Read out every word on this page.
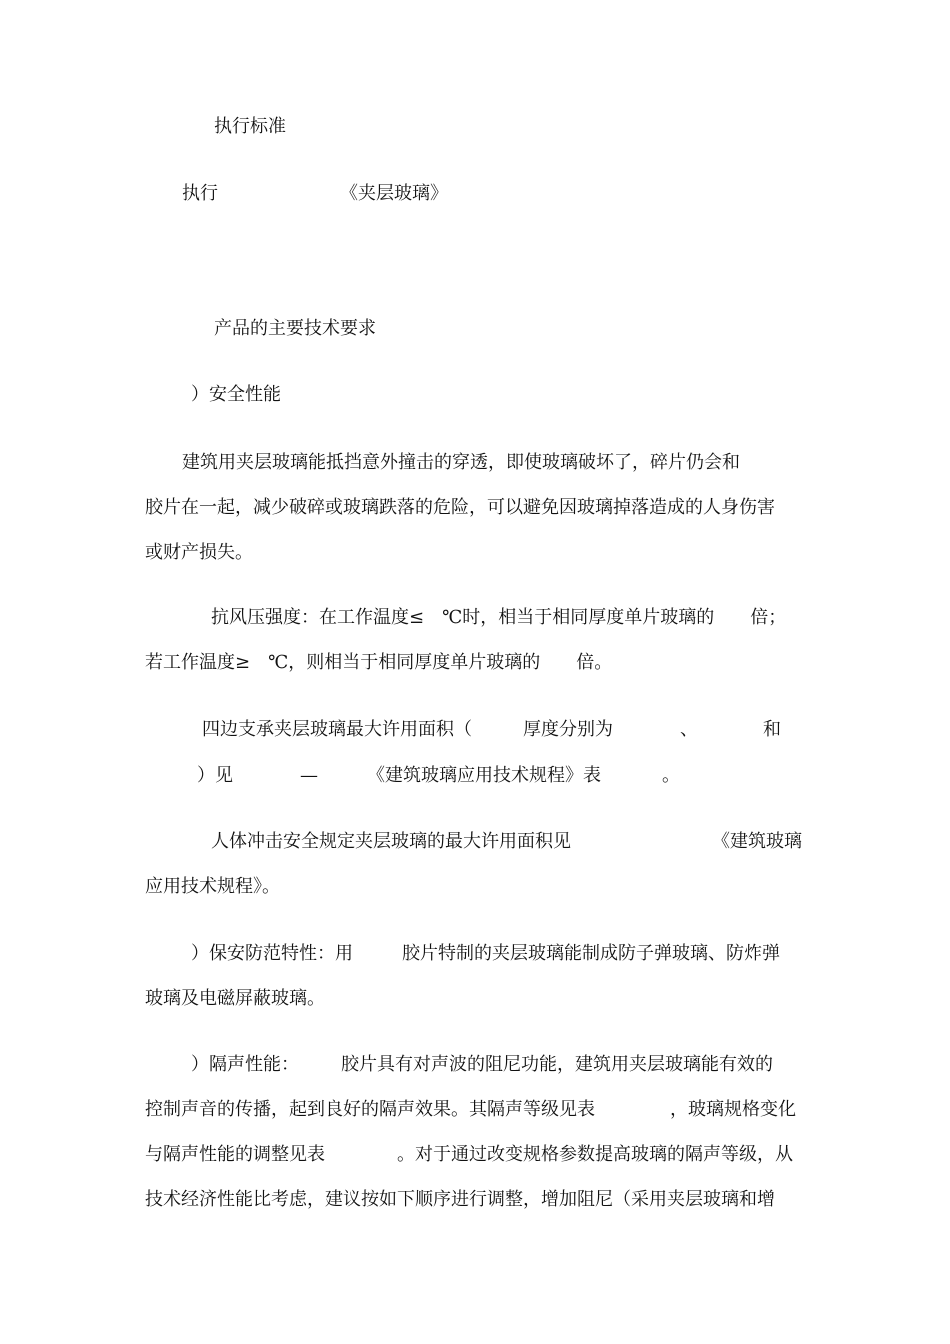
执行标准
执行	《夹层玻璃》
产品的主要技术要求
）安全性能
建筑用夹层玻璃能抵挡意外撞击的穿透，即使玻璃破坏了，碎片仍会和
胶片在一起，减少破碎或玻璃跌落的危险，可以避免因玻璃掉落造成的人身伤害
或财产损失。
抗风压强度：在工作温度≤　℃时，相当于相同厚度单片玻璃的　　倍；
若工作温度≥　℃，则相当于相同厚度单片玻璃的　　倍。
四边支承夹层玻璃最大许用面积（	厚度分别为	、	和
）见	—	《建筑玻璃应用技术规程》表	。
人体冲击安全规定夹层玻璃的最大许用面积见	《建筑玻璃
应用技术规程》。
）保安防范特性：用	胶片特制的夹层玻璃能制成防子弹玻璃、防炸弹
玻璃及电磁屏蔽玻璃。
）隔声性能： 胶片具有对声波的阻尼功能，建筑用夹层玻璃能有效的
控制声音的传播，起到良好的隔声效果。其隔声等级见表	，玻璃规格变化
与隔声性能的调整见表	。对于通过改变规格参数提高玻璃的隔声等级，从
技术经济性能比考虑，建议按如下顺序进行调整，增加阻尼（采用夹层玻璃和增
